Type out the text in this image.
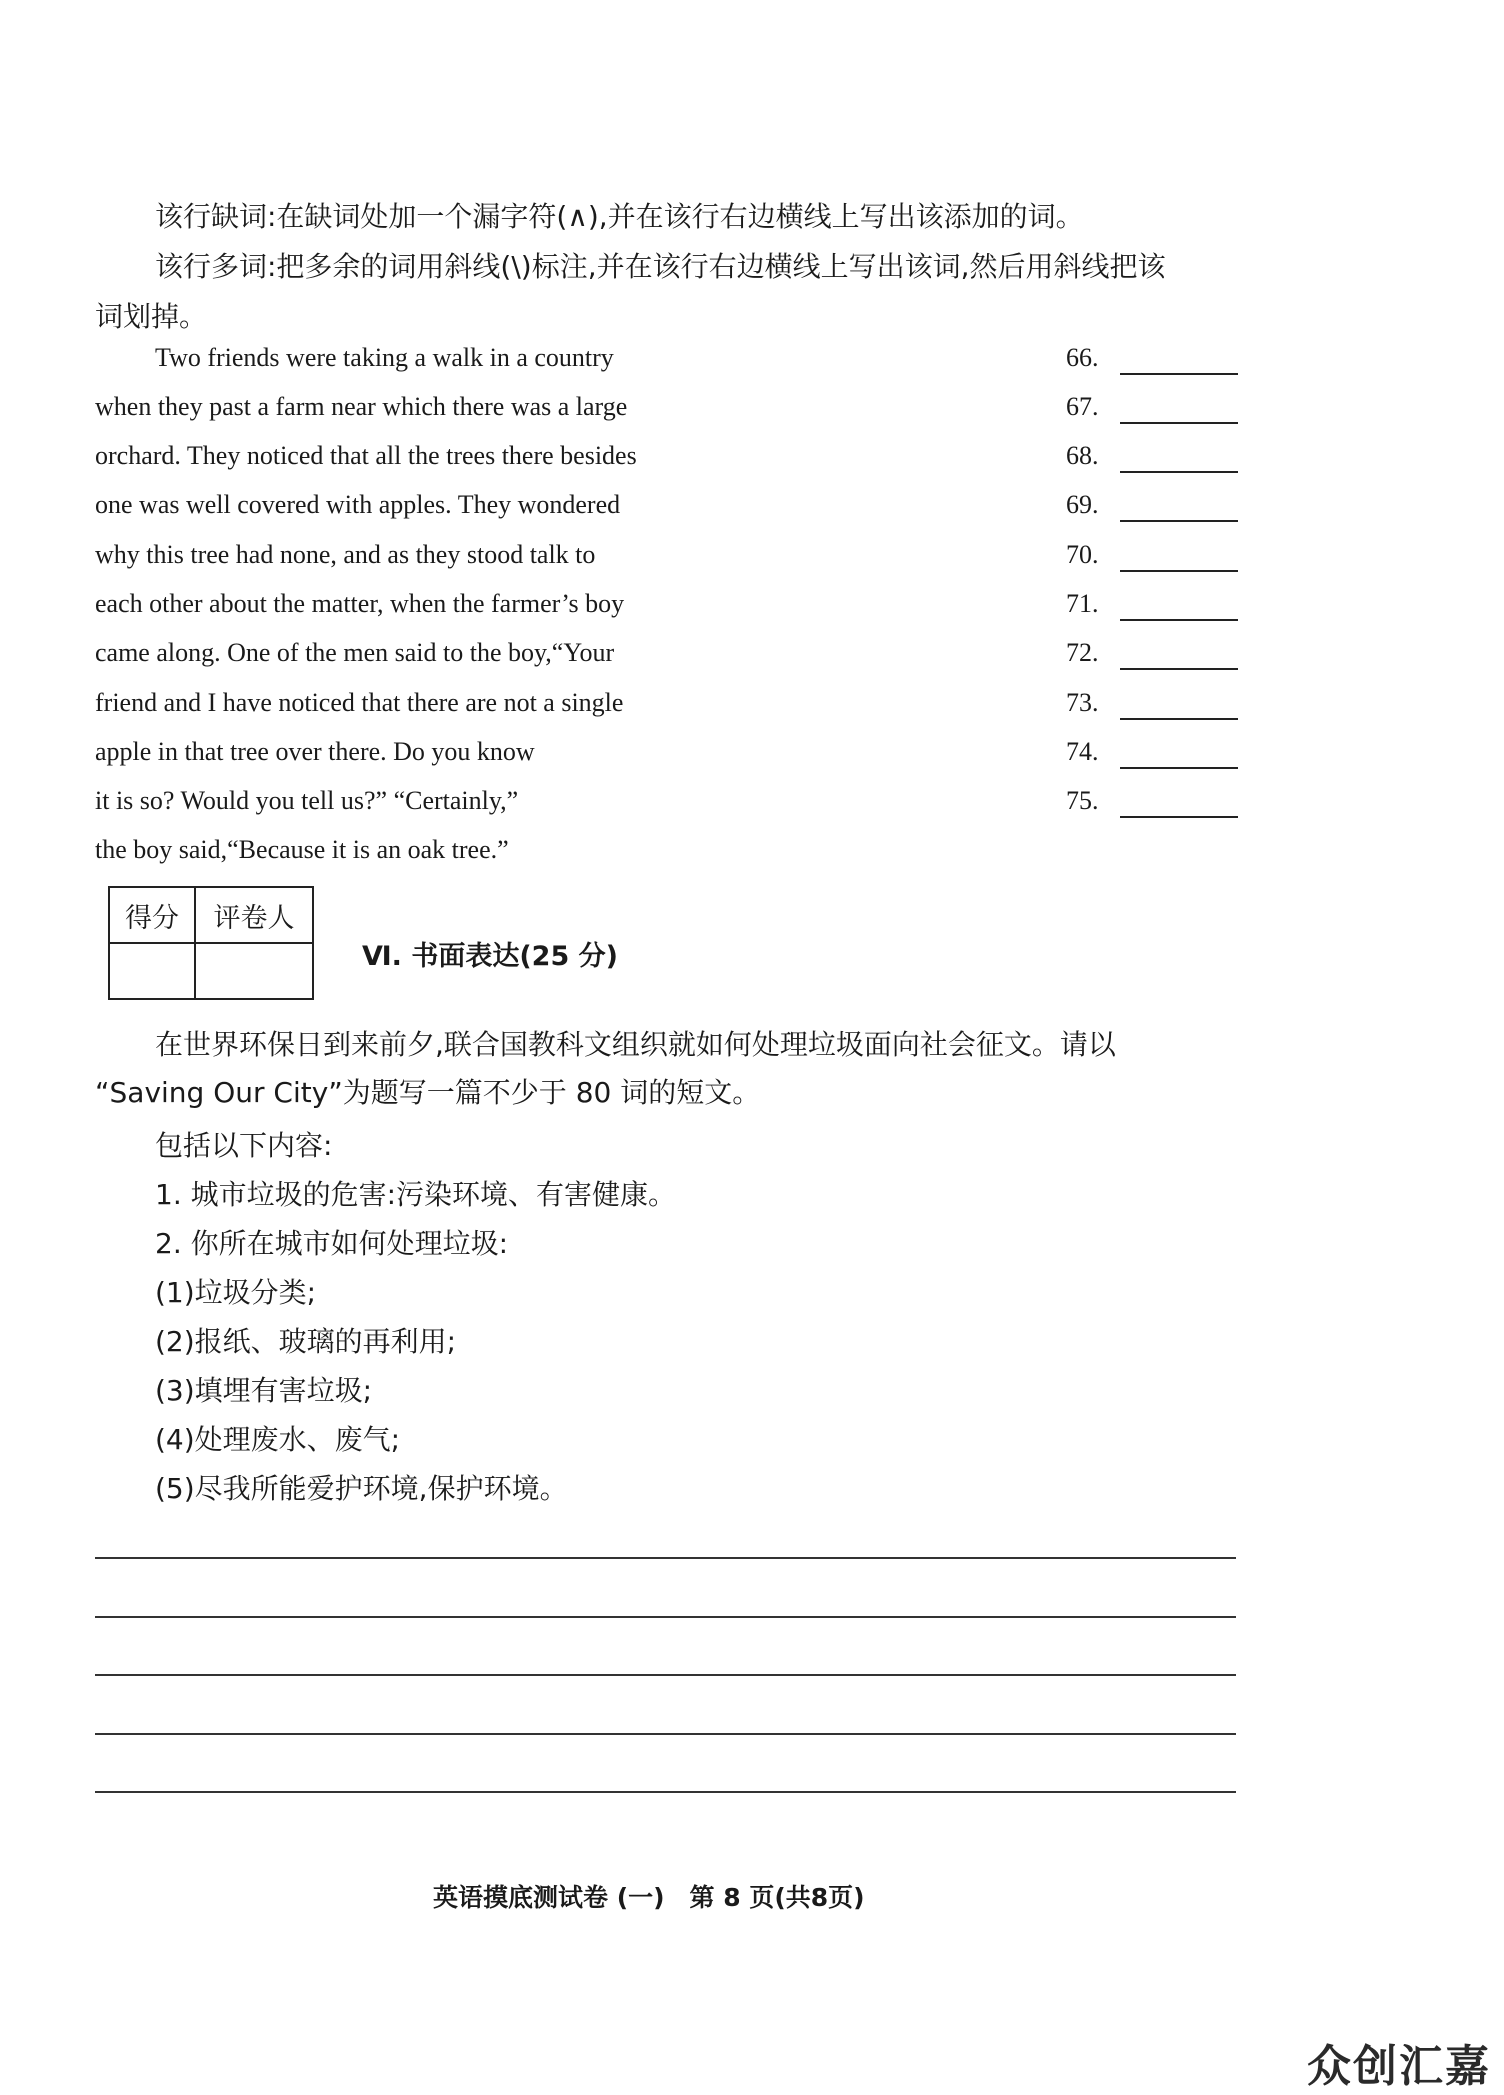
该行缺词:在缺词处加一个漏字符(∧),并在该行右边横线上写出该添加的词。
该行多词:把多余的词用斜线(\)标注,并在该行右边横线上写出该词,然后用斜线把该
词划掉。
Two friends were taking a walk in a country	66.
when they past a farm near which there was a large	67.
orchard. They noticed that all the trees there besides	68.
one was well covered with apples. They wondered	69.
why this tree had none, and as they stood talk to	70.
each other about the matter, when the farmer’s boy	71.
came along. One of the men said to the boy,“Your	72.
friend and I have noticed that there are not a single	73.
apple in that tree over there. Do you know	74.
it is so? Would you tell us?” “Certainly,”	75.
the boy said,“Because it is an oak tree.”
得分	评卷人

Ⅵ. 书面表达(25 分)
在世界环保日到来前夕,联合国教科文组织就如何处理垃圾面向社会征文。请以
“Saving Our City”为题写一篇不少于 80 词的短文。
包括以下内容:
1. 城市垃圾的危害:污染环境、有害健康。
2. 你所在城市如何处理垃圾:
(1)垃圾分类;
(2)报纸、玻璃的再利用;
(3)填埋有害垃圾;
(4)处理废水、废气;
(5)尽我所能爱护环境,保护环境。
英语摸底测试卷 (一)　第 8 页(共8页)
众创汇嘉
